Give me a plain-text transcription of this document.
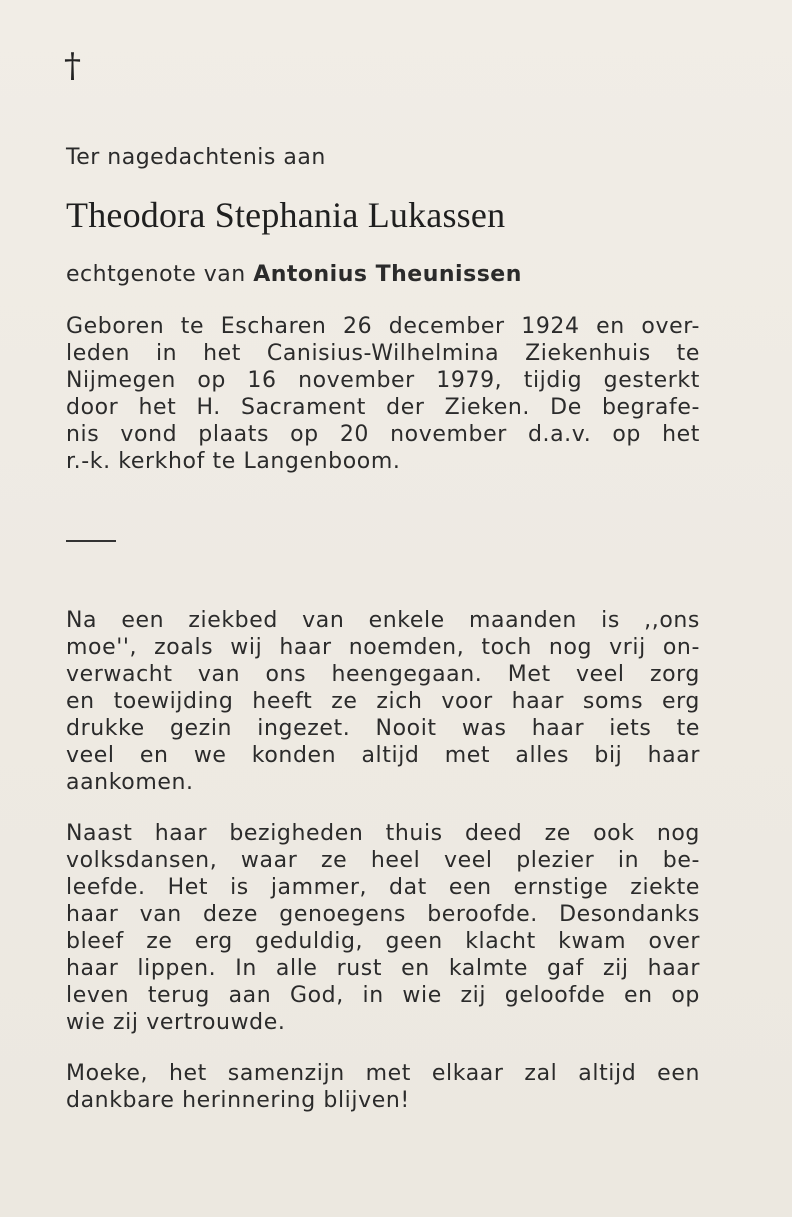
†
Ter nagedachtenis aan
Theodora Stephania Lukassen
echtgenote van Antonius Theunissen
Geboren te Escharen 26 december 1924 en over-
leden in het Canisius-Wilhelmina Ziekenhuis te
Nijmegen op 16 november 1979, tijdig gesterkt
door het H. Sacrament der Zieken. De begrafe-
nis vond plaats op 20 november d.a.v. op het
r.-k. kerkhof te Langenboom.
Na een ziekbed van enkele maanden is ,,ons
moe'', zoals wij haar noemden, toch nog vrij on-
verwacht van ons heengegaan. Met veel zorg
en toewijding heeft ze zich voor haar soms erg
drukke gezin ingezet. Nooit was haar iets te
veel en we konden altijd met alles bij haar
aankomen.
Naast haar bezigheden thuis deed ze ook nog
volksdansen, waar ze heel veel plezier in be-
leefde. Het is jammer, dat een ernstige ziekte
haar van deze genoegens beroofde. Desondanks
bleef ze erg geduldig, geen klacht kwam over
haar lippen. In alle rust en kalmte gaf zij haar
leven terug aan God, in wie zij geloofde en op
wie zij vertrouwde.
Moeke, het samenzijn met elkaar zal altijd een
dankbare herinnering blijven!
